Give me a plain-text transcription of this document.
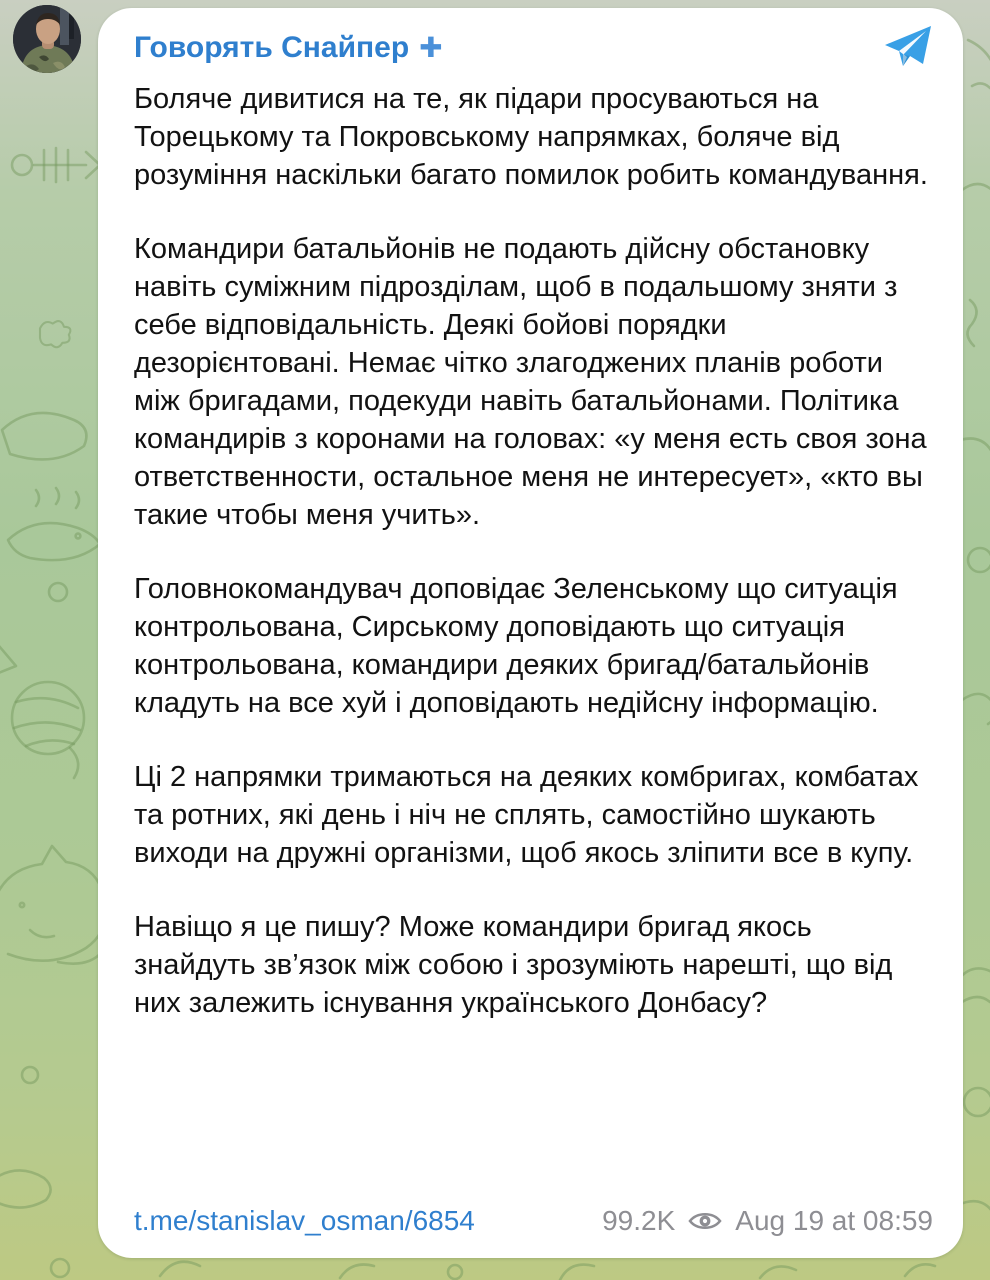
Говорять Снайпер ✚

Боляче дивитися на те, як підари просуваються на Торецькому та Покровському напрямках, боляче від розуміння наскільки багато помилок робить командування.

Командири батальйонів не подають дійсну обстановку навіть суміжним підрозділам, щоб в подальшому зняти з себе відповідальність. Деякі бойові порядки дезорієнтовані. Немає чітко злагоджених планів роботи між бригадами, подекуди навіть батальйонами. Політика командирів з коронами на головах: «у меня есть своя зона ответственности, остальное меня не интересует», «кто вы такие чтобы меня учить».

Головнокомандувач доповідає Зеленському що ситуація контрольована, Сирському доповідають що ситуація контрольована, командири деяких бригад/батальйонів кладуть на все хуй і доповідають недійсну інформацію.

Ці 2 напрямки тримаються на деяких комбригах, комбатах та ротних, які день і ніч не сплять, самостійно шукають виходи на дружні організми, щоб якось зліпити все в купу.

Навіщо я це пишу? Може командири бригад якось знайдуть зв’язок між собою і зрозуміють нарешті, що від них залежить існування українського Донбасу?

t.me/stanislav_osman/6854	99.2K Aug 19 at 08:59
